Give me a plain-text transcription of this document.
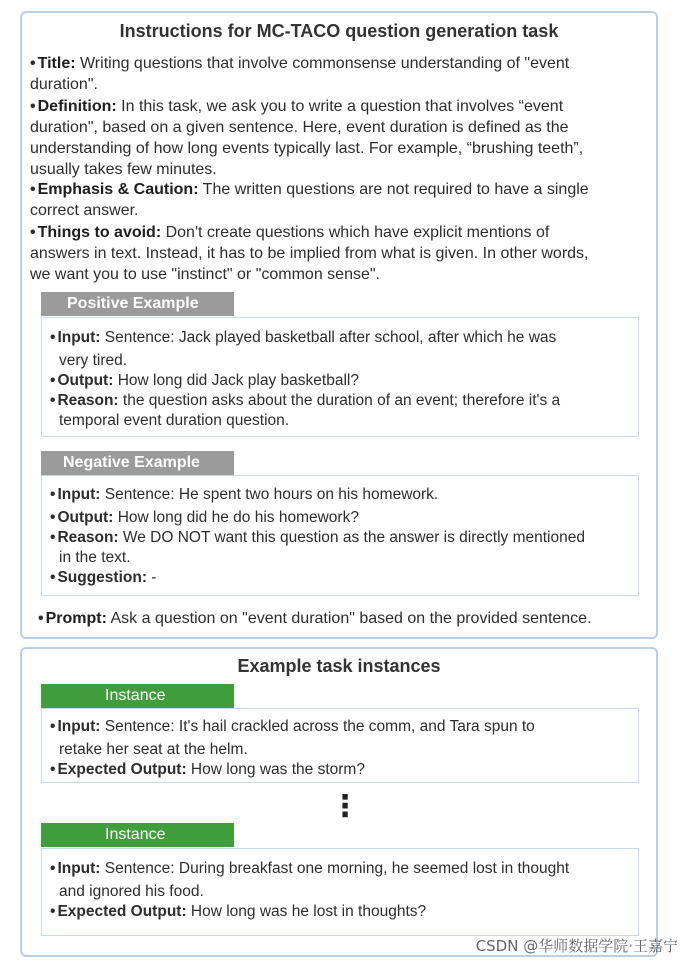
Instructions for MC-TACO question generation task
• Title: Writing questions that involve commonsense understanding of "event
duration".
• Definition: In this task, we ask you to write a question that involves “event
duration", based on a given sentence. Here, event duration is defined as the
understanding of how long events typically last. For example, “brushing teeth”,
usually takes few minutes.
• Emphasis & Caution: The written questions are not required to have a single
correct answer.
• Things to avoid: Don't create questions which have explicit mentions of
answers in text. Instead, it has to be implied from what is given. In other words,
we want you to use "instinct" or "common sense".
Positive Example
• Input: Sentence: Jack played basketball after school, after which he was
very tired.
• Output: How long did Jack play basketball?
• Reason: the question asks about the duration of an event; therefore it's a
temporal event duration question.
Negative Example
• Input: Sentence: He spent two hours on his homework.
• Output: How long did he do his homework?
• Reason: We DO NOT want this question as the answer is directly mentioned
in the text.
• Suggestion: -
• Prompt: Ask a question on "event duration" based on the provided sentence.
Example task instances
Instance
• Input: Sentence: It's hail crackled across the comm, and Tara spun to
retake her seat at the helm.
• Expected Output: How long was the storm?
⋮
Instance
• Input: Sentence: During breakfast one morning, he seemed lost in thought
and ignored his food.
• Expected Output: How long was he lost in thoughts?
CSDN @华师数据学院·王嘉宁
